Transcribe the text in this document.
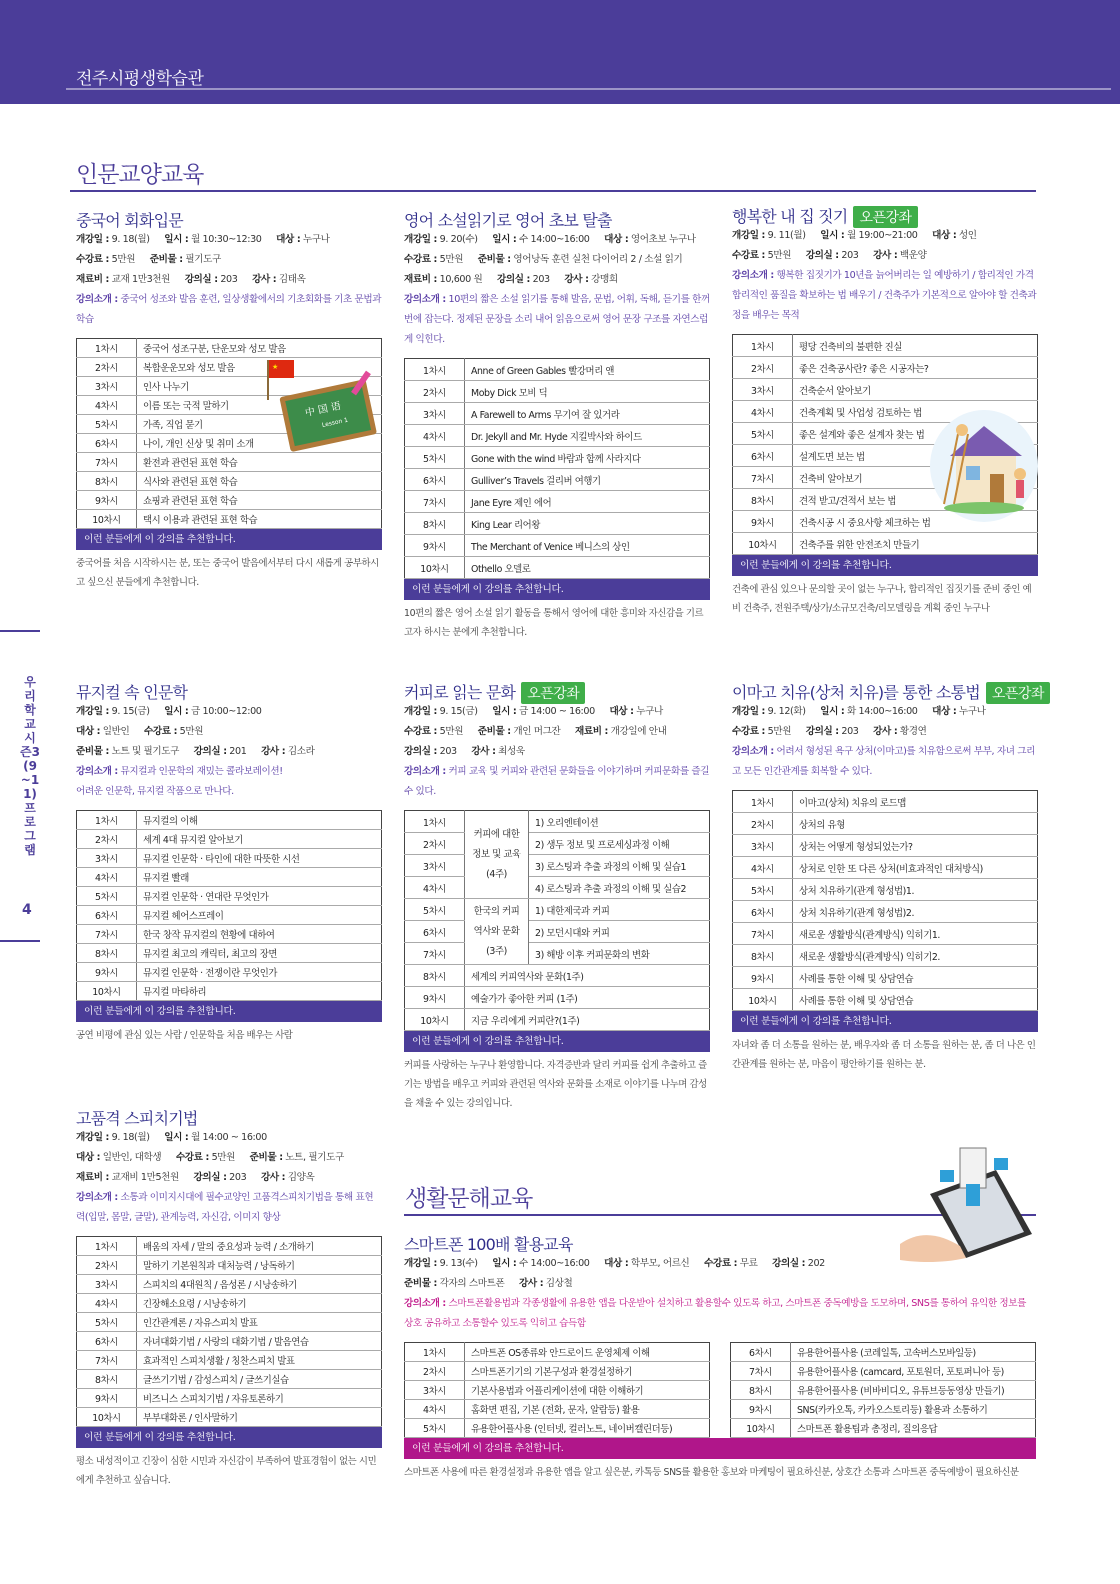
전주시평생학습관
우리학교 시즌3(9~11)프로그램
4
인문교양교육
중국어 회화입문
개강일 : 9. 18(월) 일시 : 월 10:30~12:30 대상 : 누구나
수강료 : 5만원 준비물 : 필기도구
재료비 : 교재 1만3천원 강의실 : 203 강사 : 김태옥
강의소개 : 중국어 성조와 발음 훈련, 일상생활에서의 기초회화를 기초 문법과 학습
1차시	중국어 성조구분, 단운모와 성모 발음
2차시	복합운운모와 성모 발음
3차시	인사 나누기
4차시	이름 또는 국적 말하기
5차시	가족, 직업 묻기
6차시	나이, 개인 신상 및 취미 소개
7차시	환전과 관련된 표현 학습
8차시	식사와 관련된 표현 학습
9차시	쇼핑과 관련된 표현 학습
10차시	택시 이용과 관련된 표현 학습
★
中 国 语
Lesson 1
이런 분들에게 이 강의를 추천합니다.
중국어를 처음 시작하시는 분, 또는 중국어 발음에서부터 다시 새롭게 공부하시고 싶으신 분들에게 추천합니다.
영어 소설읽기로 영어 초보 탈출
개강일 : 9. 20(수) 일시 : 수 14:00~16:00 대상 : 영어초보 누구나
수강료 : 5만원 준비물 : 영어낭독 훈련 실천 다이어리 2 / 소설 읽기
재료비 : 10,600 원 강의실 : 203 강사 : 강맹희
강의소개 : 10편의 짧은 소설 읽기를 통해 발음, 문법, 어휘, 독해, 듣기를 한꺼번에 잡는다. 정제된 문장을 소리 내어 읽음으로써 영어 문장 구조를 자연스럽게 익힌다.
1차시	Anne of Green Gables 빨강머리 앤
2차시	Moby Dick 모비 딕
3차시	A Farewell to Arms 무기여 잘 있거라
4차시	Dr. Jekyll and Mr. Hyde 지킬박사와 하이드
5차시	Gone with the wind 바람과 함께 사라지다
6차시	Gulliver’s Travels 걸리버 여행기
7차시	Jane Eyre 제인 에어
8차시	King Lear 리어왕
9차시	The Merchant of Venice 베니스의 상인
10차시	Othello 오델로
이런 분들에게 이 강의를 추천합니다.
10편의 짧은 영어 소설 읽기 활동을 통해서 영어에 대한 흥미와 자신감을 기르고자 하시는 분에게 추천합니다.
행복한 내 집 짓기 오픈강좌
개강일 : 9. 11(월) 일시 : 월 19:00~21:00 대상 : 성인
수강료 : 5만원 강의실 : 203 강사 : 백운양
강의소개 : 행복한 집짓기가 10년을 늙어버리는 일 예방하기 / 합리적인 가격 합리적인 품질을 확보하는 법 배우기 / 건축주가 기본적으로 알아야 할 건축과정을 배우는 목적
1차시	평당 건축비의 불편한 진실
2차시	좋은 건축공사란? 좋은 시공자는?
3차시	건축순서 알아보기
4차시	건축계획 및 사업성 검토하는 법
5차시	좋은 설계와 좋은 설계자 찾는 법
6차시	설계도면 보는 법
7차시	건축비 알아보기
8차시	견적 받고/견적서 보는 법
9차시	건축시공 시 중요사항 체크하는 법
10차시	건축주를 위한 안전조치 만들기
이런 분들에게 이 강의를 추천합니다.
건축에 관심 있으나 문의할 곳이 없는 누구나, 합리적인 집짓기를 준비 중인 예비 건축주, 전원주택/상가/소규모건축/리모델링을 계획 중인 누구나
뮤지컬 속 인문학
개강일 : 9. 15(금) 일시 : 금 10:00~12:00
대상 : 일반인 수강료 : 5만원
준비물 : 노트 및 필기도구 강의실 : 201 강사 : 김소라
강의소개 : 뮤지컬과 인문학의 재밌는 콜라보레이션!
어려운 인문학, 뮤지컬 작품으로 만나다.
1차시	뮤지컬의 이해
2차시	세계 4대 뮤지컬 알아보기
3차시	뮤지컬 인문학 · 타인에 대한 따뜻한 시선
4차시	뮤지컬 빨래
5차시	뮤지컬 인문학 · 연대란 무엇인가
6차시	뮤지컬 헤어스프레이
7차시	한국 창작 뮤지컬의 현황에 대하여
8차시	뮤지컬 최고의 캐릭터, 최고의 장면
9차시	뮤지컬 인문학 · 전쟁이란 무엇인가
10차시	뮤지컬 마타하리
이런 분들에게 이 강의를 추천합니다.
공연 비평에 관심 있는 사람 / 인문학을 처음 배우는 사람
커피로 읽는 문화 오픈강좌
개강일 : 9. 15(금) 일시 : 금 14:00 ~ 16:00 대상 : 누구나
수강료 : 5만원 준비물 : 개인 머그잔 재료비 : 개강일에 안내
강의실 : 203 강사 : 최성욱
강의소개 : 커피 교육 및 커피와 관련된 문화들을 이야기하며 커피문화를 즐길 수 있다.
1차시	커피에 대한 정보 및 교육 (4주)	1) 오리엔테이션
2차시		2) 생두 정보 및 프로세싱과정 이해
3차시		3) 로스팅과 추출 과정의 이해 및 실습1
4차시		4) 로스팅과 추출 과정의 이해 및 실습2
5차시	한국의 커피 역사와 문화 (3주)	1) 대한제국과 커피
6차시		2) 모던시대와 커피
7차시		3) 해방 이후 커피문화의 변화
8차시	세계의 커피역사와 문화(1주)	
9차시	예술가가 좋아한 커피 (1주)	
10차시	지금 우리에게 커피란?(1주)	
이런 분들에게 이 강의를 추천합니다.
커피를 사랑하는 누구나 환영합니다. 자격증반과 달리 커피를 쉽게 추출하고 즐기는 방법을 배우고 커피와 관련된 역사와 문화를 소재로 이야기를 나누며 감성을 채울 수 있는 강의입니다.
이마고 치유(상처 치유)를 통한 소통법 오픈강좌
개강일 : 9. 12(화) 일시 : 화 14:00~16:00 대상 : 누구나
수강료 : 5만원 강의실 : 203 강사 : 황경연
강의소개 : 어려서 형성된 욕구 상처(이마고)를 치유함으로써 부부, 자녀 그리고 모든 인간관계를 회복할 수 있다.
1차시	이마고(상처) 치유의 로드맵
2차시	상처의 유형
3차시	상처는 어떻게 형성되었는가?
4차시	상처로 인한 또 다른 상처(비효과적인 대처방식)
5차시	상처 치유하기(관계 형성법)1.
6차시	상처 치유하기(관계 형성법)2.
7차시	새로운 생활방식(관계방식) 익히기1.
8차시	새로운 생활방식(관계방식) 익히기2.
9차시	사례를 통한 이해 및 상담연습
10차시	사례를 통한 이해 및 상담연습
이런 분들에게 이 강의를 추천합니다.
자녀와 좀 더 소통을 원하는 분, 배우자와 좀 더 소통을 원하는 분, 좀 더 나은 인간관계를 원하는 분, 마음이 평안하기를 원하는 분.
고품격 스피치기법
개강일 : 9. 18(월) 일시 : 월 14:00 ~ 16:00
대상 : 일반인, 대학생 수강료 : 5만원 준비물 : 노트, 필기도구
재료비 : 교재비 1만5천원 강의실 : 203 강사 : 김양옥
강의소개 : 소통과 이미지시대에 필수교양인 고품격스피치기법을 통해 표현력(입말, 몸말, 글말), 관계능력, 자신감, 이미지 향상
1차시	배움의 자세 / 말의 중요성과 능력 / 소개하기
2차시	말하기 기본원칙과 대처능력 / 낭독하기
3차시	스피치의 4대원칙 / 음성론 / 시낭송하기
4차시	긴장해소요령 / 시낭송하기
5차시	인간관계론 / 자유스피치 발표
6차시	자녀대화기법 / 사랑의 대화기법 / 발음연습
7차시	효과적인 스피치생활 / 칭찬스피치 발표
8차시	글쓰기기법 / 감성스피치 / 글쓰기실습
9차시	비즈니스 스피치기법 / 자유토론하기
10차시	부부대화론 / 인사말하기
이런 분들에게 이 강의를 추천합니다.
평소 내성적이고 긴장이 심한 시민과 자신감이 부족하여 발표경험이 없는 시민에게 추천하고 싶습니다.
생활문해교육
스마트폰 100배 활용교육
개강일 : 9. 13(수) 일시 : 수 14:00~16:00 대상 : 학부모, 어르신 수강료 : 무료 강의실 : 202
준비물 : 각자의 스마트폰 강사 : 김상철
강의소개 : 스마트폰활용법과 각종생활에 유용한 앱을 다운받아 설치하고 활용할수 있도록 하고, 스마트폰 중독예방을 도모하며, SNS를 통하여 유익한 정보를 상호 공유하고 소통할수 있도록 익히고 습득함
1차시	스마트폰 OS종류와 안드로이드 운영체제 이해
2차시	스마트폰기기의 기본구성과 환경설정하기
3차시	기본사용법과 어플리케이션에 대한 이해하기
4차시	홈화면 편집, 기본 (전화, 문자, 알람등) 활용
5차시	유용한어플사용 (인터넷, 컬러노트, 네이버캘린더등)
6차시	유용한어플사용 (코레일톡, 고속버스모바일등)
7차시	유용한어플사용 (camcard, 포토원더, 포토퍼니아 등)
8차시	유용한어플사용 (비바비디오, 유튜브등동영상 만들기)
9차시	SNS(카카오톡, 카카오스토리등) 활용과 소통하기
10차시	스마트폰 활용팁과 총정리, 질의응답
이런 분들에게 이 강의를 추천합니다.
스마트폰 사용에 따른 환경설정과 유용한 앱을 알고 싶은분, 카톡등 SNS를 활용한 홍보와 마케팅이 필요하신분, 상호간 소통과 스마트폰 중독예방이 필요하신분
